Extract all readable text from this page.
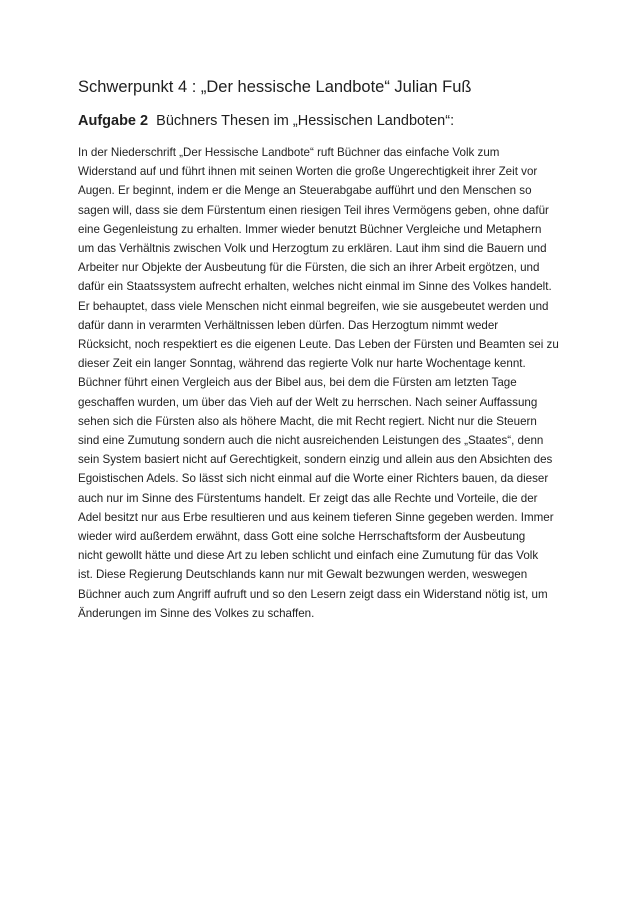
Schwerpunkt 4 : „Der hessische Landbote“ Julian Fuß
Aufgabe 2 Büchners Thesen im „Hessischen Landboten“:
In der Niederschrift „Der Hessische Landbote“ ruft Büchner das einfache Volk zum
Widerstand auf und führt ihnen mit seinen Worten die große Ungerechtigkeit ihrer Zeit vor
Augen. Er beginnt, indem er die Menge an Steuerabgabe aufführt und den Menschen so
sagen will, dass sie dem Fürstentum einen riesigen Teil ihres Vermögens geben, ohne dafür
eine Gegenleistung zu erhalten. Immer wieder benutzt Büchner Vergleiche und Metaphern
um das Verhältnis zwischen Volk und Herzogtum zu erklären. Laut ihm sind die Bauern und
Arbeiter nur Objekte der Ausbeutung für die Fürsten, die sich an ihrer Arbeit ergötzen, und
dafür ein Staatssystem aufrecht erhalten, welches nicht einmal im Sinne des Volkes handelt.
Er behauptet, dass viele Menschen nicht einmal begreifen, wie sie ausgebeutet werden und
dafür dann in verarmten Verhältnissen leben dürfen. Das Herzogtum nimmt weder
Rücksicht, noch respektiert es die eigenen Leute. Das Leben der Fürsten und Beamten sei zu
dieser Zeit ein langer Sonntag, während das regierte Volk nur harte Wochentage kennt.
Büchner führt einen Vergleich aus der Bibel aus, bei dem die Fürsten am letzten Tage
geschaffen wurden, um über das Vieh auf der Welt zu herrschen. Nach seiner Auffassung
sehen sich die Fürsten also als höhere Macht, die mit Recht regiert. Nicht nur die Steuern
sind eine Zumutung sondern auch die nicht ausreichenden Leistungen des „Staates“, denn
sein System basiert nicht auf Gerechtigkeit, sondern einzig und allein aus den Absichten des
Egoistischen Adels. So lässt sich nicht einmal auf die Worte einer Richters bauen, da dieser
auch nur im Sinne des Fürstentums handelt. Er zeigt das alle Rechte und Vorteile, die der
Adel besitzt nur aus Erbe resultieren und aus keinem tieferen Sinne gegeben werden. Immer
wieder wird außerdem erwähnt, dass Gott eine solche Herrschaftsform der Ausbeutung
nicht gewollt hätte und diese Art zu leben schlicht und einfach eine Zumutung für das Volk
ist. Diese Regierung Deutschlands kann nur mit Gewalt bezwungen werden, weswegen
Büchner auch zum Angriff aufruft und so den Lesern zeigt dass ein Widerstand nötig ist, um
Änderungen im Sinne des Volkes zu schaffen.
